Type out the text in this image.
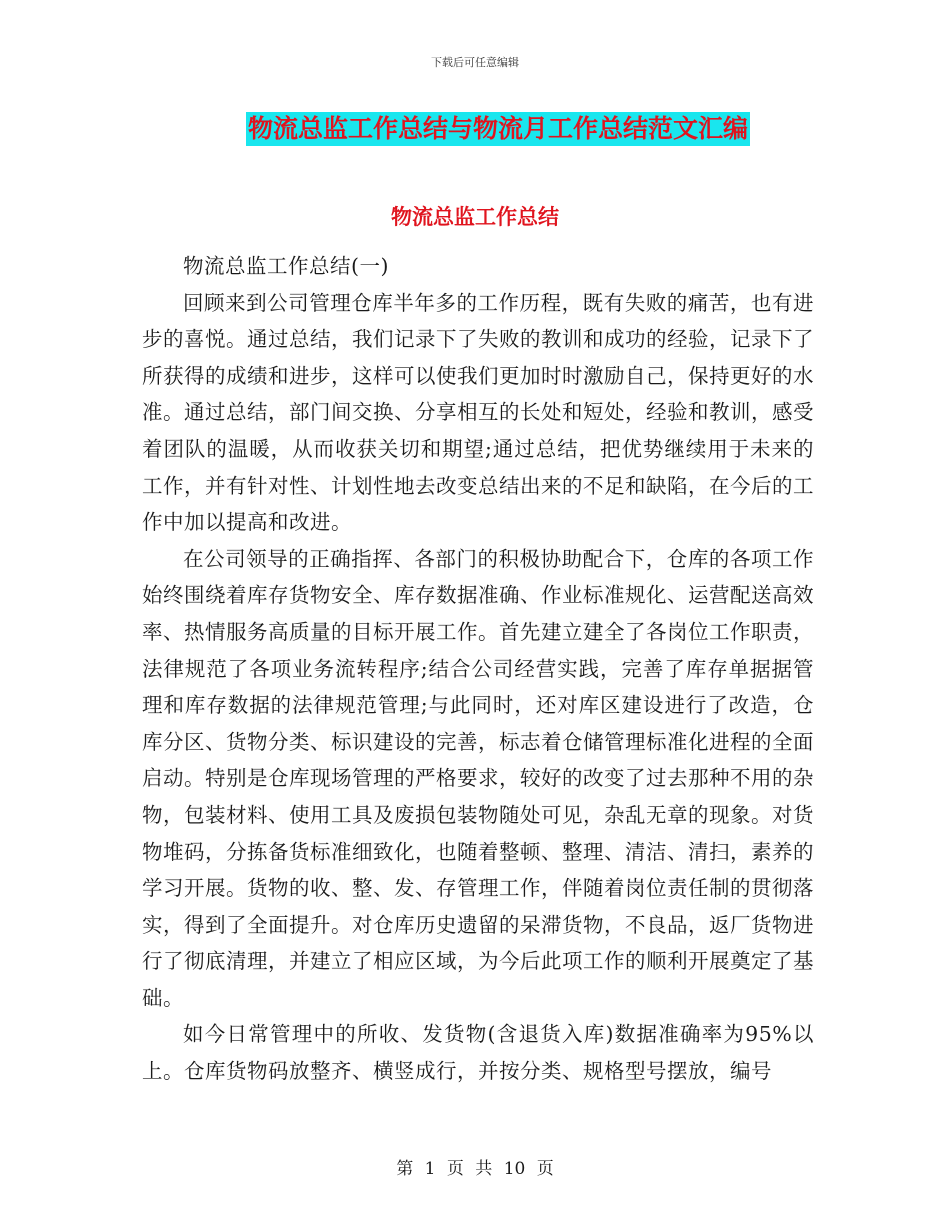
下载后可任意编辑
物流总监工作总结与物流月工作总结范文汇编
物流总监工作总结

物流总监工作总结(一)

回顾来到公司管理仓库半年多的工作历程，既有失败的痛苦，也有进步的喜悦。通过总结，我们记录下了失败的教训和成功的经验，记录下了所获得的成绩和进步，这样可以使我们更加时时激励自己，保持更好的水准。通过总结，部门间交换、分享相互的长处和短处，经验和教训，感受着团队的温暖，从而收获关切和期望;通过总结，把优势继续用于未来的工作，并有针对性、计划性地去改变总结出来的不足和缺陷，在今后的工作中加以提高和改进。

在公司领导的正确指挥、各部门的积极协助配合下，仓库的各项工作始终围绕着库存货物安全、库存数据准确、作业标准规化、运营配送高效率、热情服务高质量的目标开展工作。首先建立建全了各岗位工作职责，法律规范了各项业务流转程序;结合公司经营实践，完善了库存单据据管理和库存数据的法律规范管理;与此同时，还对库区建设进行了改造，仓库分区、货物分类、标识建设的完善，标志着仓储管理标准化进程的全面启动。特别是仓库现场管理的严格要求，较好的改变了过去那种不用的杂物，包装材料、使用工具及废损包装物随处可见，杂乱无章的现象。对货物堆码，分拣备货标准细致化，也随着整顿、整理、清洁、清扫，素养的学习开展。货物的收、整、发、存管理工作，伴随着岗位责任制的贯彻落实，得到了全面提升。对仓库历史遗留的呆滞货物，不良品，返厂货物进行了彻底清理，并建立了相应区域，为今后此项工作的顺利开展奠定了基础。

如今日常管理中的所收、发货物(含退货入库)数据准确率为95%以上。仓库货物码放整齐、横竖成行，并按分类、规格型号摆放，编号

第 1 页 共 10 页
